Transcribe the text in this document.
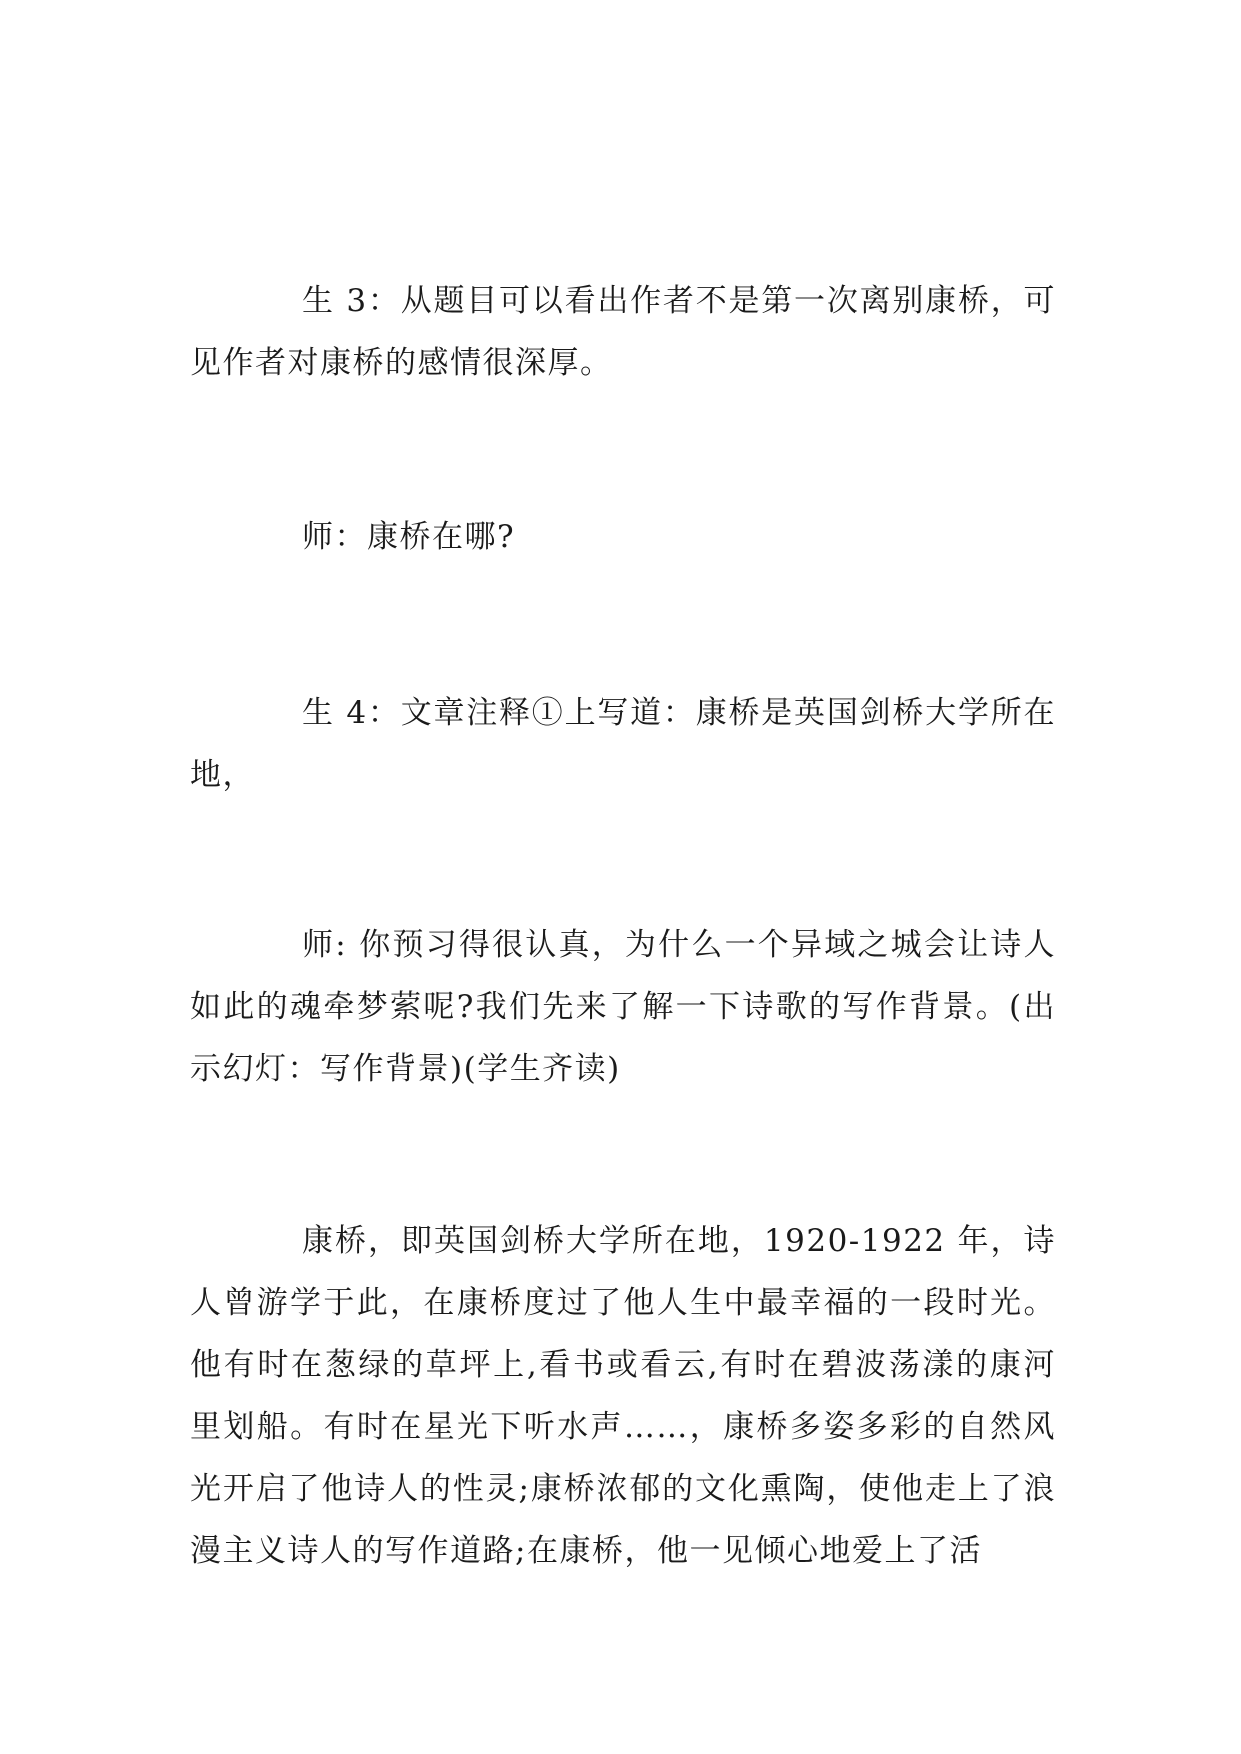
生 3：从题目可以看出作者不是第一次离别康桥，可见作者对康桥的感情很深厚。

师：康桥在哪?

生 4：文章注释①上写道：康桥是英国剑桥大学所在地，

师: 你预习得很认真，为什么一个异域之城会让诗人如此的魂牵梦萦呢?我们先来了解一下诗歌的写作背景。(出示幻灯：写作背景)(学生齐读)

康桥，即英国剑桥大学所在地，1920-1922 年，诗人曾游学于此，在康桥度过了他人生中最幸福的一段时光。他有时在葱绿的草坪上,看书或看云,有时在碧波荡漾的康河里划船。有时在星光下听水声……，康桥多姿多彩的自然风光开启了他诗人的性灵;康桥浓郁的文化熏陶，使他走上了浪漫主义诗人的写作道路;在康桥，他一见倾心地爱上了活
